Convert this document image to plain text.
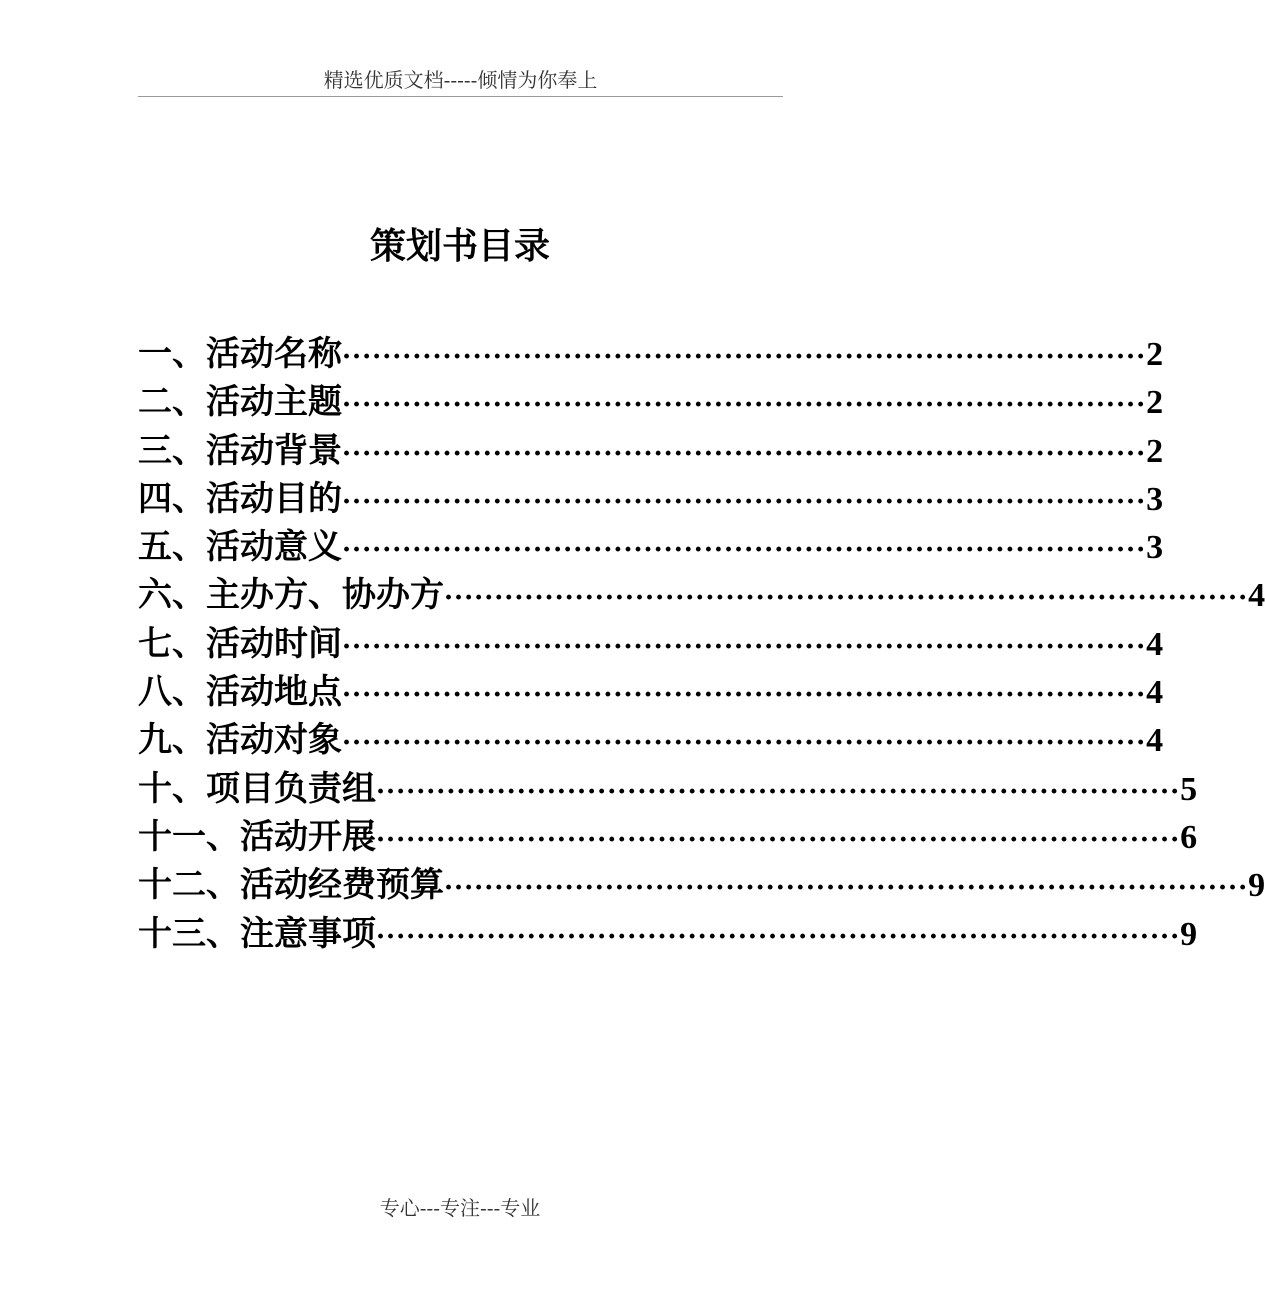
精选优质文档-----倾情为你奉上
策划书目录
一、活动名称 ················································································ 2
二、活动主题 ················································································ 2
三、活动背景 ················································································ 2
四、活动目的 ················································································ 3
五、活动意义 ················································································ 3
六、主办方、协办方 ················································································ 4
七、活动时间 ················································································ 4
八、活动地点 ················································································ 4
九、活动对象 ················································································ 4
十、项目负责组 ················································································ 5
十一、活动开展 ················································································ 6
十二、活动经费预算 ················································································ 9
十三、注意事项 ················································································ 9
专心---专注---专业
